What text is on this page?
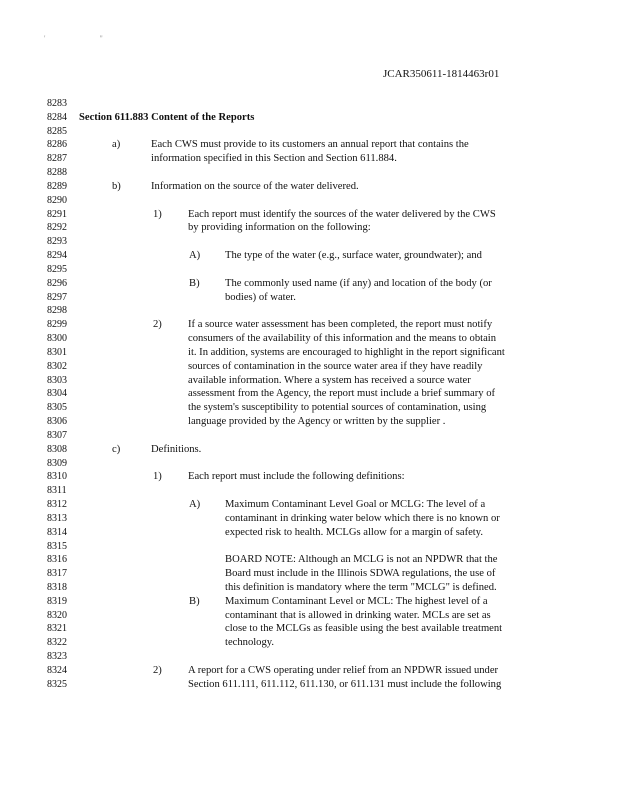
' "
JCAR350611-1814463r01
8283
8284 Section 611.883 Content of the Reports
8285
8286	a)	Each CWS must provide to its customers an annual report that contains the
8287	information specified in this Section and Section 611.884.
8288
8289	b)	Information on the source of the water delivered.
8290
8291	1) Each report must identify the sources of the water delivered by the CWS
8292	by providing information on the following:
8293
8294	A) The type of the water (e.g., surface water, groundwater); and
8295
8296	B) The commonly used name (if any) and location of the body (or
8297	bodies) of water.
8298
8299	2) If a source water assessment has been completed, the report must notify
8300	consumers of the availability of this information and the means to obtain
8301	it. In addition, systems are encouraged to highlight in the report significant
8302	sources of contamination in the source water area if they have readily
8303	available information. Where a system has received a source water
8304	assessment from the Agency, the report must include a brief summary of
8305	the system's susceptibility to potential sources of contamination, using
8306	language provided by the Agency or written by the supplier .
8307
8308	c)	Definitions.
8309
8310	1) Each report must include the following definitions:
8311
8312	A) Maximum Contaminant Level Goal or MCLG: The level of a
8313	contaminant in drinking water below which there is no known or
8314	expected risk to health. MCLGs allow for a margin of safety.
8315
8316	BOARD NOTE: Although an MCLG is not an NPDWR that the
8317	Board must include in the Illinois SDWA regulations, the use of
8318	this definition is mandatory where the term "MCLG" is defined.
8319	B) Maximum Contaminant Level or MCL: The highest level of a
8320	contaminant that is allowed in drinking water. MCLs are set as
8321	close to the MCLGs as feasible using the best available treatment
8322	technology.
8323
8324	2) A report for a CWS operating under relief from an NPDWR issued under
8325	Section 611.111, 611.112, 611.130, or 611.131 must include the following
